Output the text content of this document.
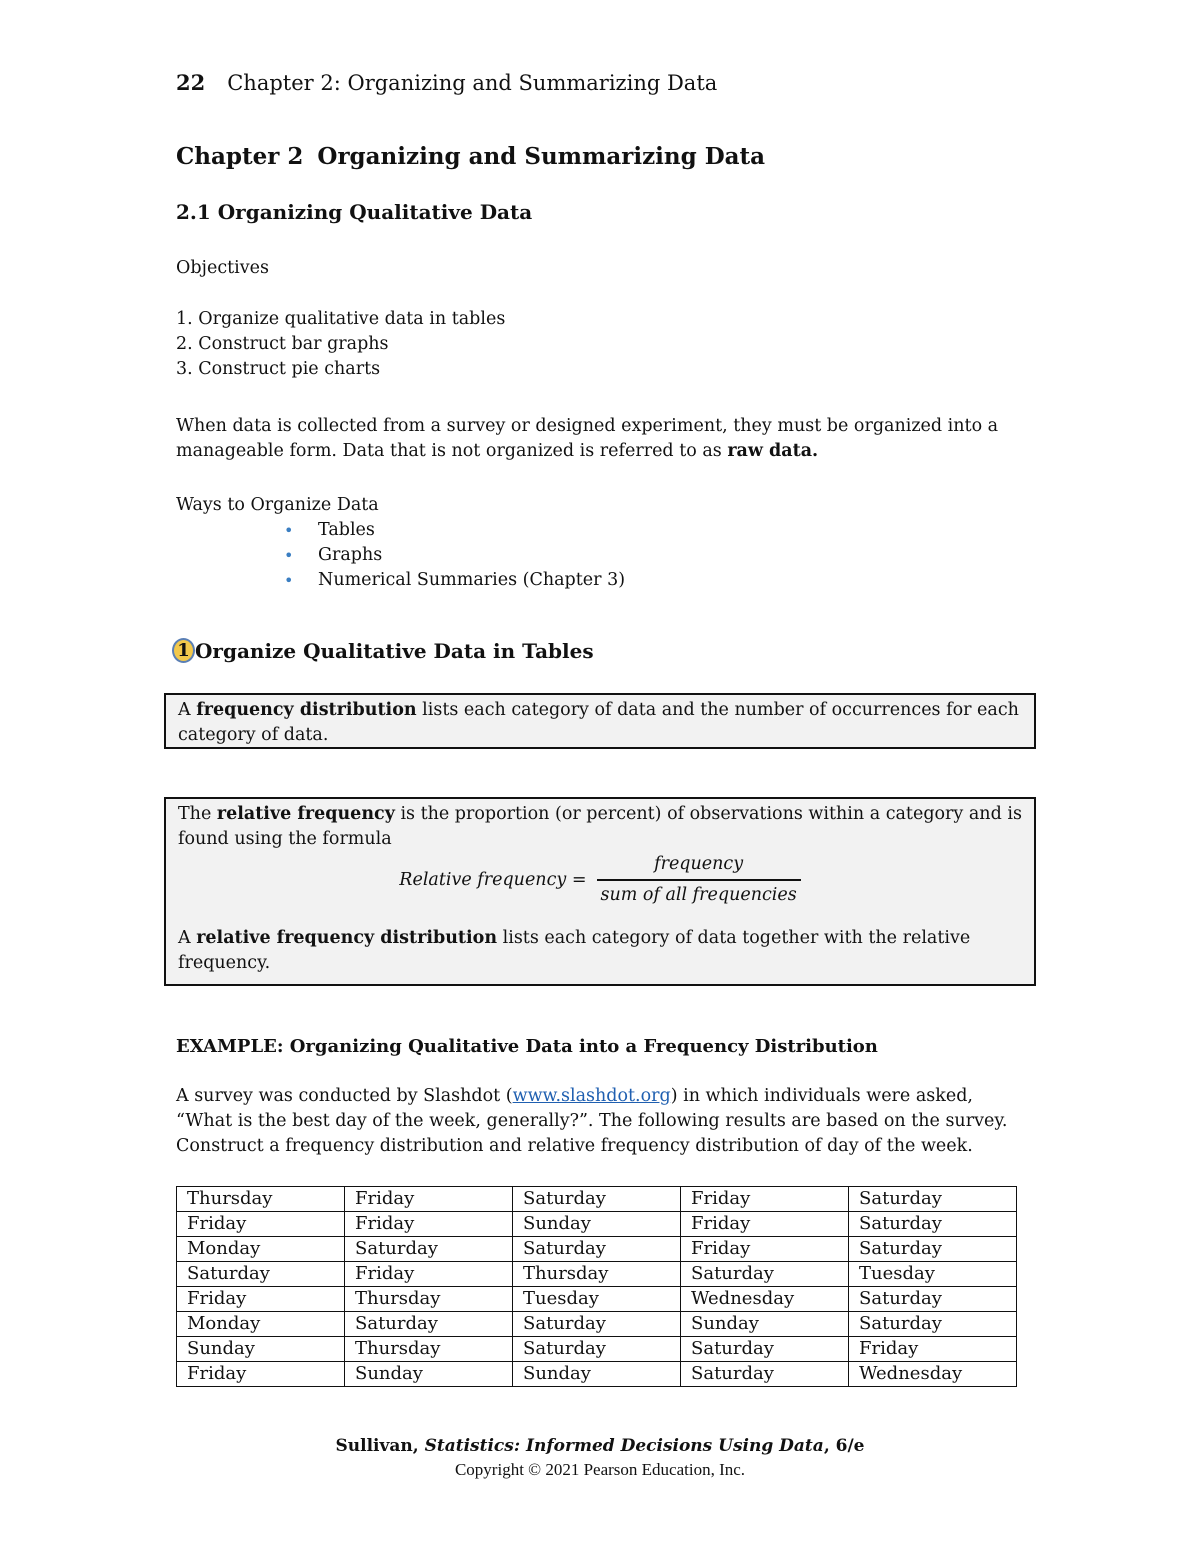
22 Chapter 2: Organizing and Summarizing Data
Chapter 2 Organizing and Summarizing Data
2.1 Organizing Qualitative Data
Objectives
1. Organize qualitative data in tables
2. Construct bar graphs
3. Construct pie charts
When data is collected from a survey or designed experiment, they must be organized into a manageable form. Data that is not organized is referred to as raw data.
Ways to Organize Data
•	Tables
•	Graphs
•	Numerical Summaries (Chapter 3)
1 Organize Qualitative Data in Tables
A frequency distribution lists each category of data and the number of occurrences for each category of data.
The relative frequency is the proportion (or percent) of observations within a category and is found using the formula
Relative frequency = $\frac{\text{frequency}}{\text{sum of all frequencies}}$
A relative frequency distribution lists each category of data together with the relative frequency.
EXAMPLE: Organizing Qualitative Data into a Frequency Distribution
A survey was conducted by Slashdot (www.slashdot.org) in which individuals were asked, “What is the best day of the week, generally?”. The following results are based on the survey. Construct a frequency distribution and relative frequency distribution of day of the week.
Thursday	Friday	Saturday	Friday	Saturday
Friday	Friday	Sunday	Friday	Saturday
Monday	Saturday	Saturday	Friday	Saturday
Saturday	Friday	Thursday	Saturday	Tuesday
Friday	Thursday	Tuesday	Wednesday	Saturday
Monday	Saturday	Saturday	Sunday	Saturday
Sunday	Thursday	Saturday	Saturday	Friday
Friday	Sunday	Sunday	Saturday	Wednesday
Sullivan, Statistics: Informed Decisions Using Data, 6/e
Copyright © 2021 Pearson Education, Inc.
